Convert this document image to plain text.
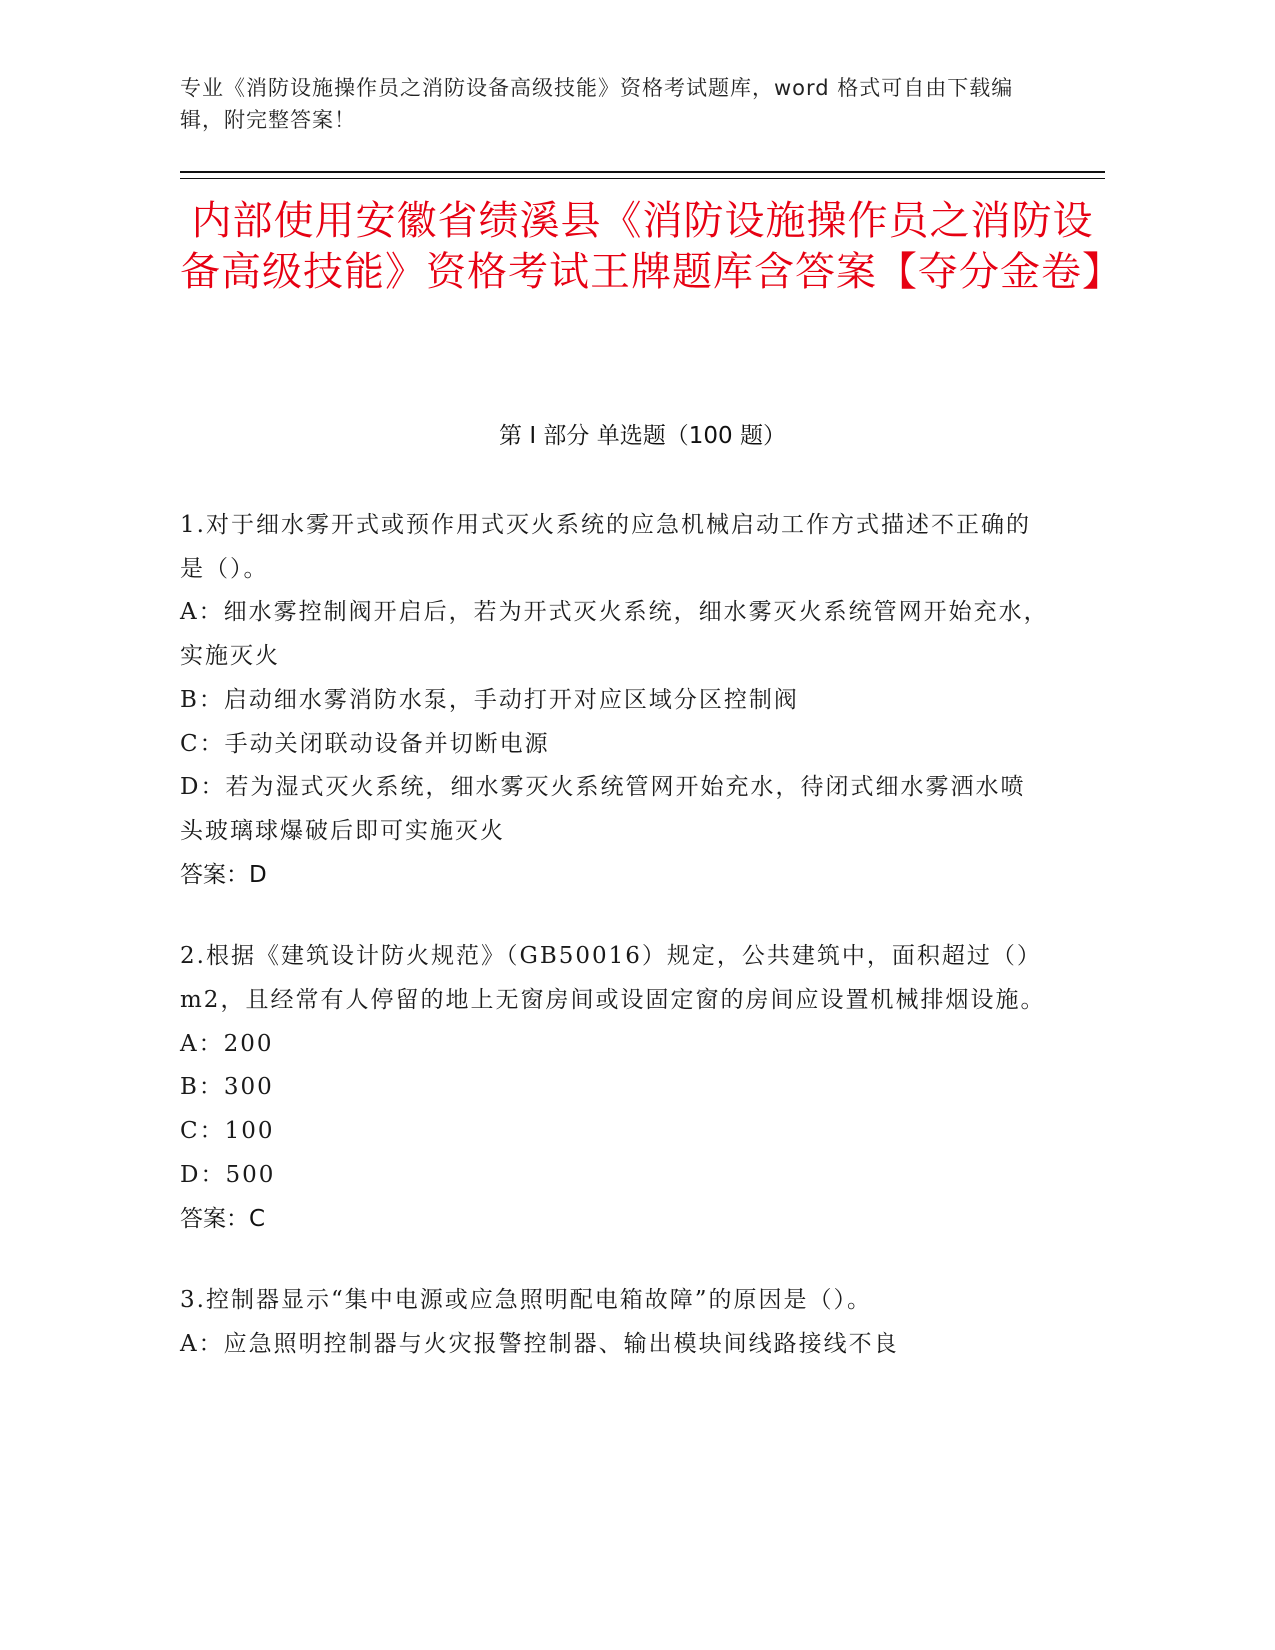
专业《消防设施操作员之消防设备高级技能》资格考试题库，word 格式可自由下载编辑，附完整答案！
内部使用安徽省绩溪县《消防设施操作员之消防设备高级技能》资格考试王牌题库含答案【夺分金卷】
第 I 部分 单选题（100 题）

1.对于细水雾开式或预作用式灭火系统的应急机械启动工作方式描述不正确的是（）。

A：细水雾控制阀开启后，若为开式灭火系统，细水雾灭火系统管网开始充水，实施灭火

B：启动细水雾消防水泵，手动打开对应区域分区控制阀

C：手动关闭联动设备并切断电源

D：若为湿式灭火系统，细水雾灭火系统管网开始充水，待闭式细水雾洒水喷头玻璃球爆破后即可实施灭火

答案：D

2.根据《建筑设计防火规范》（GB50016）规定，公共建筑中，面积超过（）m2，且经常有人停留的地上无窗房间或设固定窗的房间应设置机械排烟设施。

A：200

B：300

C：100

D：500

答案：C

3.控制器显示“集中电源或应急照明配电箱故障”的原因是（）。

A：应急照明控制器与火灾报警控制器、输出模块间线路接线不良
